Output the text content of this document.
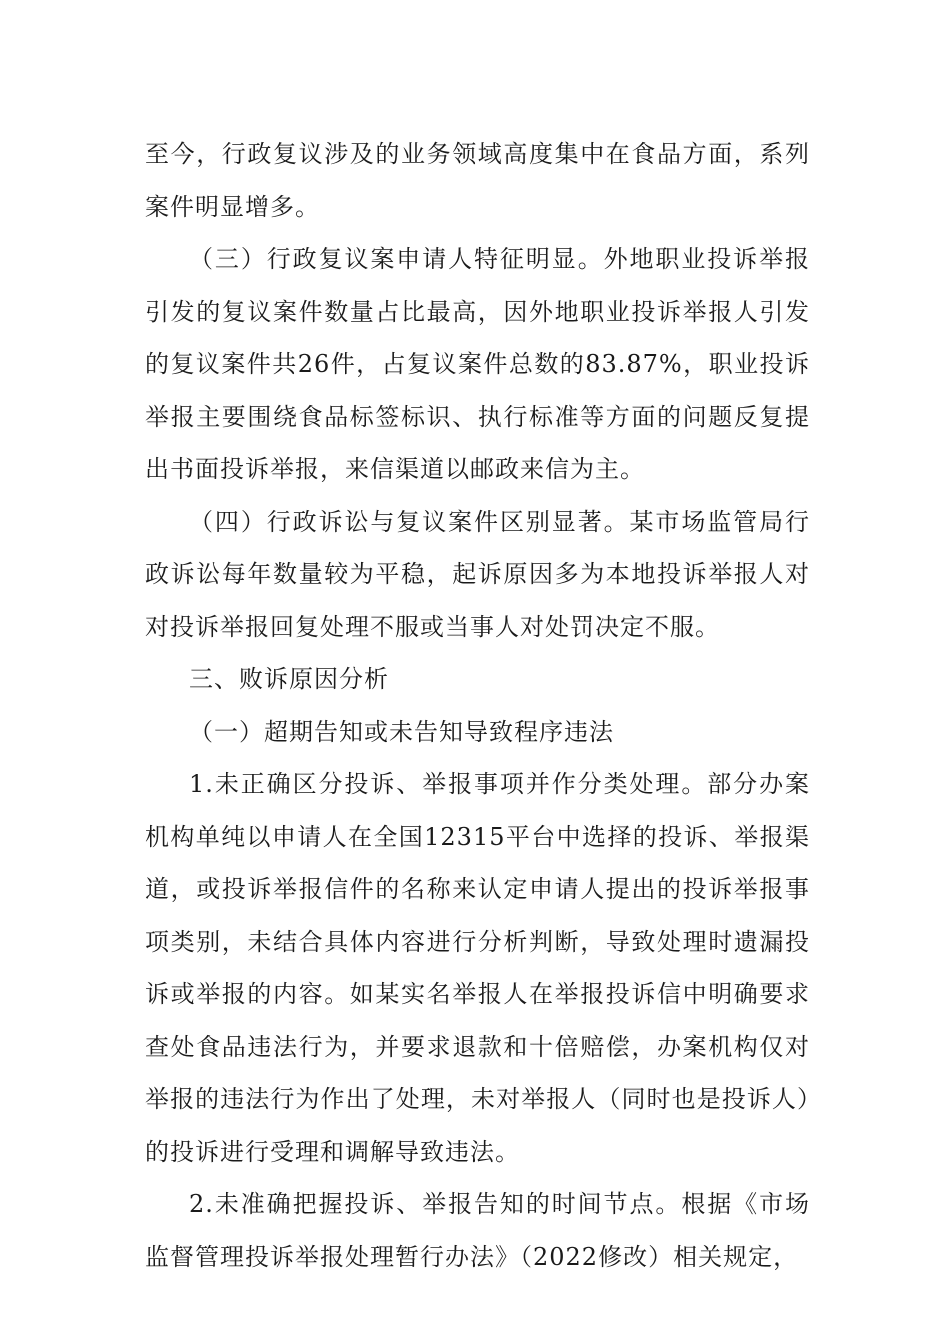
至今，行政复议涉及的业务领域高度集中在食品方面，系列案件明显增多。

（三）行政复议案申请人特征明显。外地职业投诉举报引发的复议案件数量占比最高，因外地职业投诉举报人引发的复议案件共26件，占复议案件总数的83.87%，职业投诉举报主要围绕食品标签标识、执行标准等方面的问题反复提出书面投诉举报，来信渠道以邮政来信为主。

（四）行政诉讼与复议案件区别显著。某市场监管局行政诉讼每年数量较为平稳，起诉原因多为本地投诉举报人对对投诉举报回复处理不服或当事人对处罚决定不服。

三、败诉原因分析

（一）超期告知或未告知导致程序违法

1.未正确区分投诉、举报事项并作分类处理。部分办案机构单纯以申请人在全国12315平台中选择的投诉、举报渠道，或投诉举报信件的名称来认定申请人提出的投诉举报事项类别，未结合具体内容进行分析判断，导致处理时遗漏投诉或举报的内容。如某实名举报人在举报投诉信中明确要求查处食品违法行为，并要求退款和十倍赔偿，办案机构仅对举报的违法行为作出了处理，未对举报人（同时也是投诉人）的投诉进行受理和调解导致违法。

2.未准确把握投诉、举报告知的时间节点。根据《市场监督管理投诉举报处理暂行办法》（2022修改）相关规定，
